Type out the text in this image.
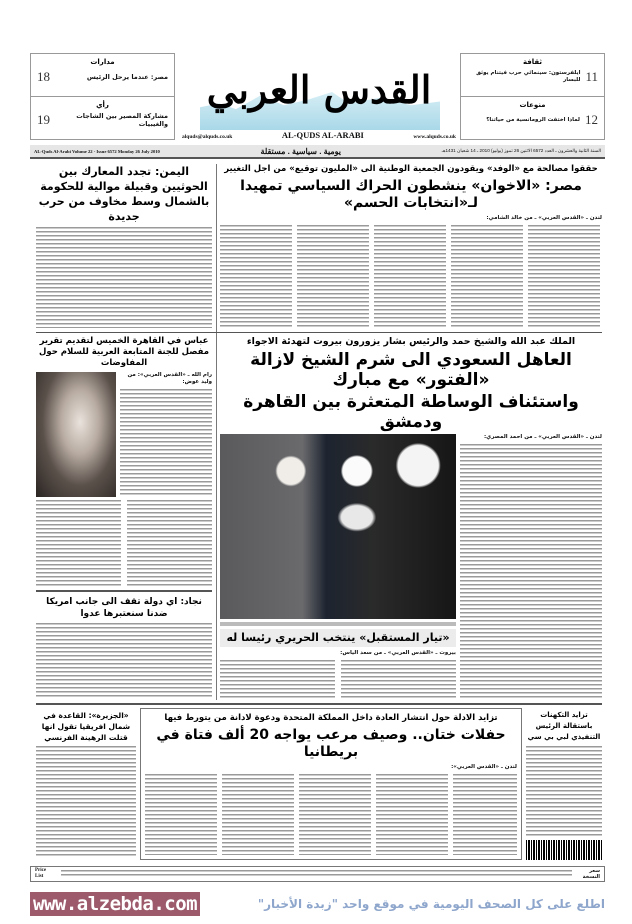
مدارات
18	مصر: عندما يرحل الرئيس
رأي
19	مشاركة المصير بين الشاجات والغيبيات
ثقافة
ايلفرستون: سينمائي حرب فيتنام يوثق للبسار 11
منوعات
لماذا اختفت الرومانسية من حياتنا؟ 12
القدس العربي
alquds@alquds.co.uk	AL-QUDS AL-ARABI	www.alquds.co.uk
AL-Quds Al-Arabi Volume 22 - Issue 6572 Monday 26 July 2010	يومية . سياسية . مستقلة	السنة الثانية والعشرون ـ العدد 6572 الاثنين 26 تموز (يوليو) 2010 ـ 14 شعبان 1431هـ
اليمن: تجدد المعارك بين الحوثيين وقبيلة موالية للحكومة بالشمال وسط مخاوف من حرب جديدة
حققوا مصالحة مع «الوفد» ويقودون الجمعية الوطنية الى «المليون توقيع» من اجل التغيير
مصر: «الاخوان» ينشطون الحراك السياسي تمهيدا لـ«انتخابات الحسم»
لندن ـ «القدس العربي» ـ من خالد الشامي:
عباس في القاهرة الخميس لتقديم تقرير مفصل للجنة المتابعة العربية للسلام حول المفاوضات
رام الله ـ «القدس العربي»: من وليد عوض:
نجاد: اي دولة تقف الى جانب امريكا ضدنا سنعتبرها عدوا
الملك عبد الله والشيخ حمد والرئيس بشار يزورون بيروت لتهدئة الاجواء
العاهل السعودي الى شرم الشيخ لازالة «الفتور» مع مبارك
واستئناف الوساطة المتعثرة بين القاهرة ودمشق
«تيار المستقبل» ينتخب الحريري رئيسا له
بيروت ـ «القدس العربي» ـ من سعد الياس:
لندن ـ «القدس العربي» ـ من احمد المصري:
«الجزيرة»: القاعدة في شمال افريقيا تقول انها قتلت الرهينة الفرنسي
تزايد الادلة حول انتشار العادة داخل المملكة المتحدة ودعوة لادانة من يتورط فيها
حفلات ختان.. وصيف مرعب يواجه 20 ألف فتاة في بريطانيا
لندن ـ «القدس العربي»:
تزايد التكهنات باستقالة الرئيس التنفيذي لبي بي سي
Price List
سعر النسخة
www.alzebda.com	اطلع على كل الصحف اليومية في موقع واحد "زبدة الأخبار"
